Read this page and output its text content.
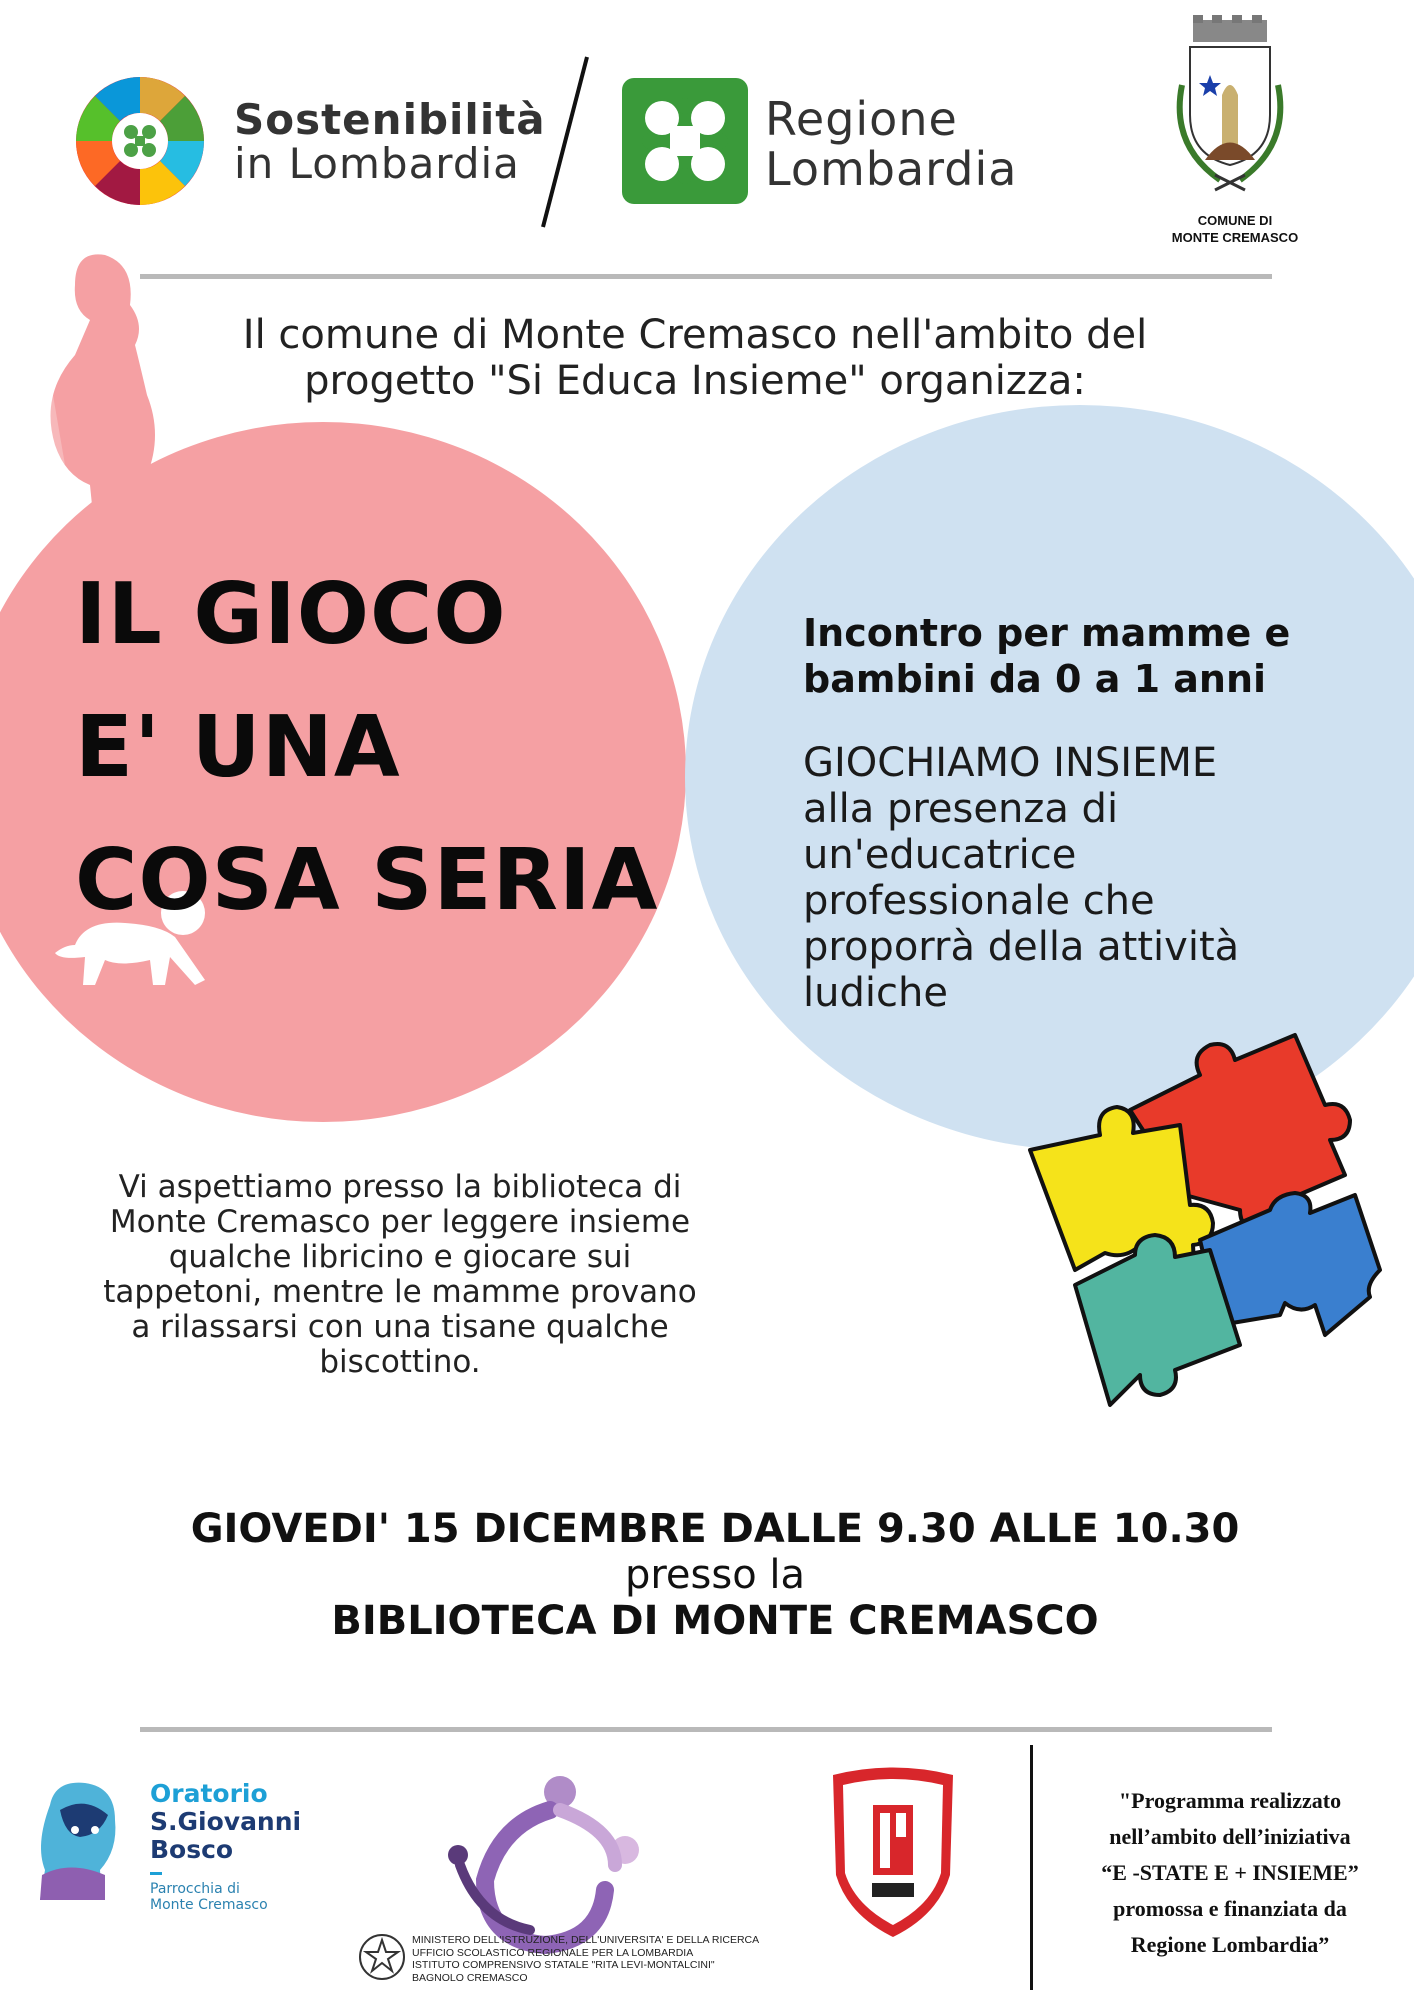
Sostenibilità
in Lombardia
Regione
Lombardia
COMUNE DI
MONTE CREMASCO
Il comune di Monte Cremasco nell'ambito del
progetto "Si Educa Insieme" organizza:
IL GIOCO
E' UNA
COSA SERIA
Incontro per mamme e
bambini da 0 a 1 anni
GIOCHIAMO INSIEME
alla presenza di
un'educatrice
professionale che
proporrà della attività
ludiche
Vi aspettiamo presso la biblioteca di
Monte Cremasco per leggere insieme
qualche libricino e giocare sui
tappetoni, mentre le mamme provano
a rilassarsi con una tisane qualche
biscottino.
GIOVEDI' 15 DICEMBRE DALLE 9.30 ALLE 10.30
presso la
BIBLIOTECA DI MONTE CREMASCO
Oratorio
S.Giovanni
Bosco
Parrocchia di
Monte Cremasco
MINISTERO DELL'ISTRUZIONE, DELL'UNIVERSITA' E DELLA RICERCA
UFFICIO SCOLASTICO REGIONALE PER LA LOMBARDIA
ISTITUTO COMPRENSIVO STATALE "RITA LEVI-MONTALCINI"
BAGNOLO CREMASCO
"Programma realizzato
nell’ambito dell’iniziativa
“E -STATE E + INSIEME”
promossa e finanziata da
Regione Lombardia”
